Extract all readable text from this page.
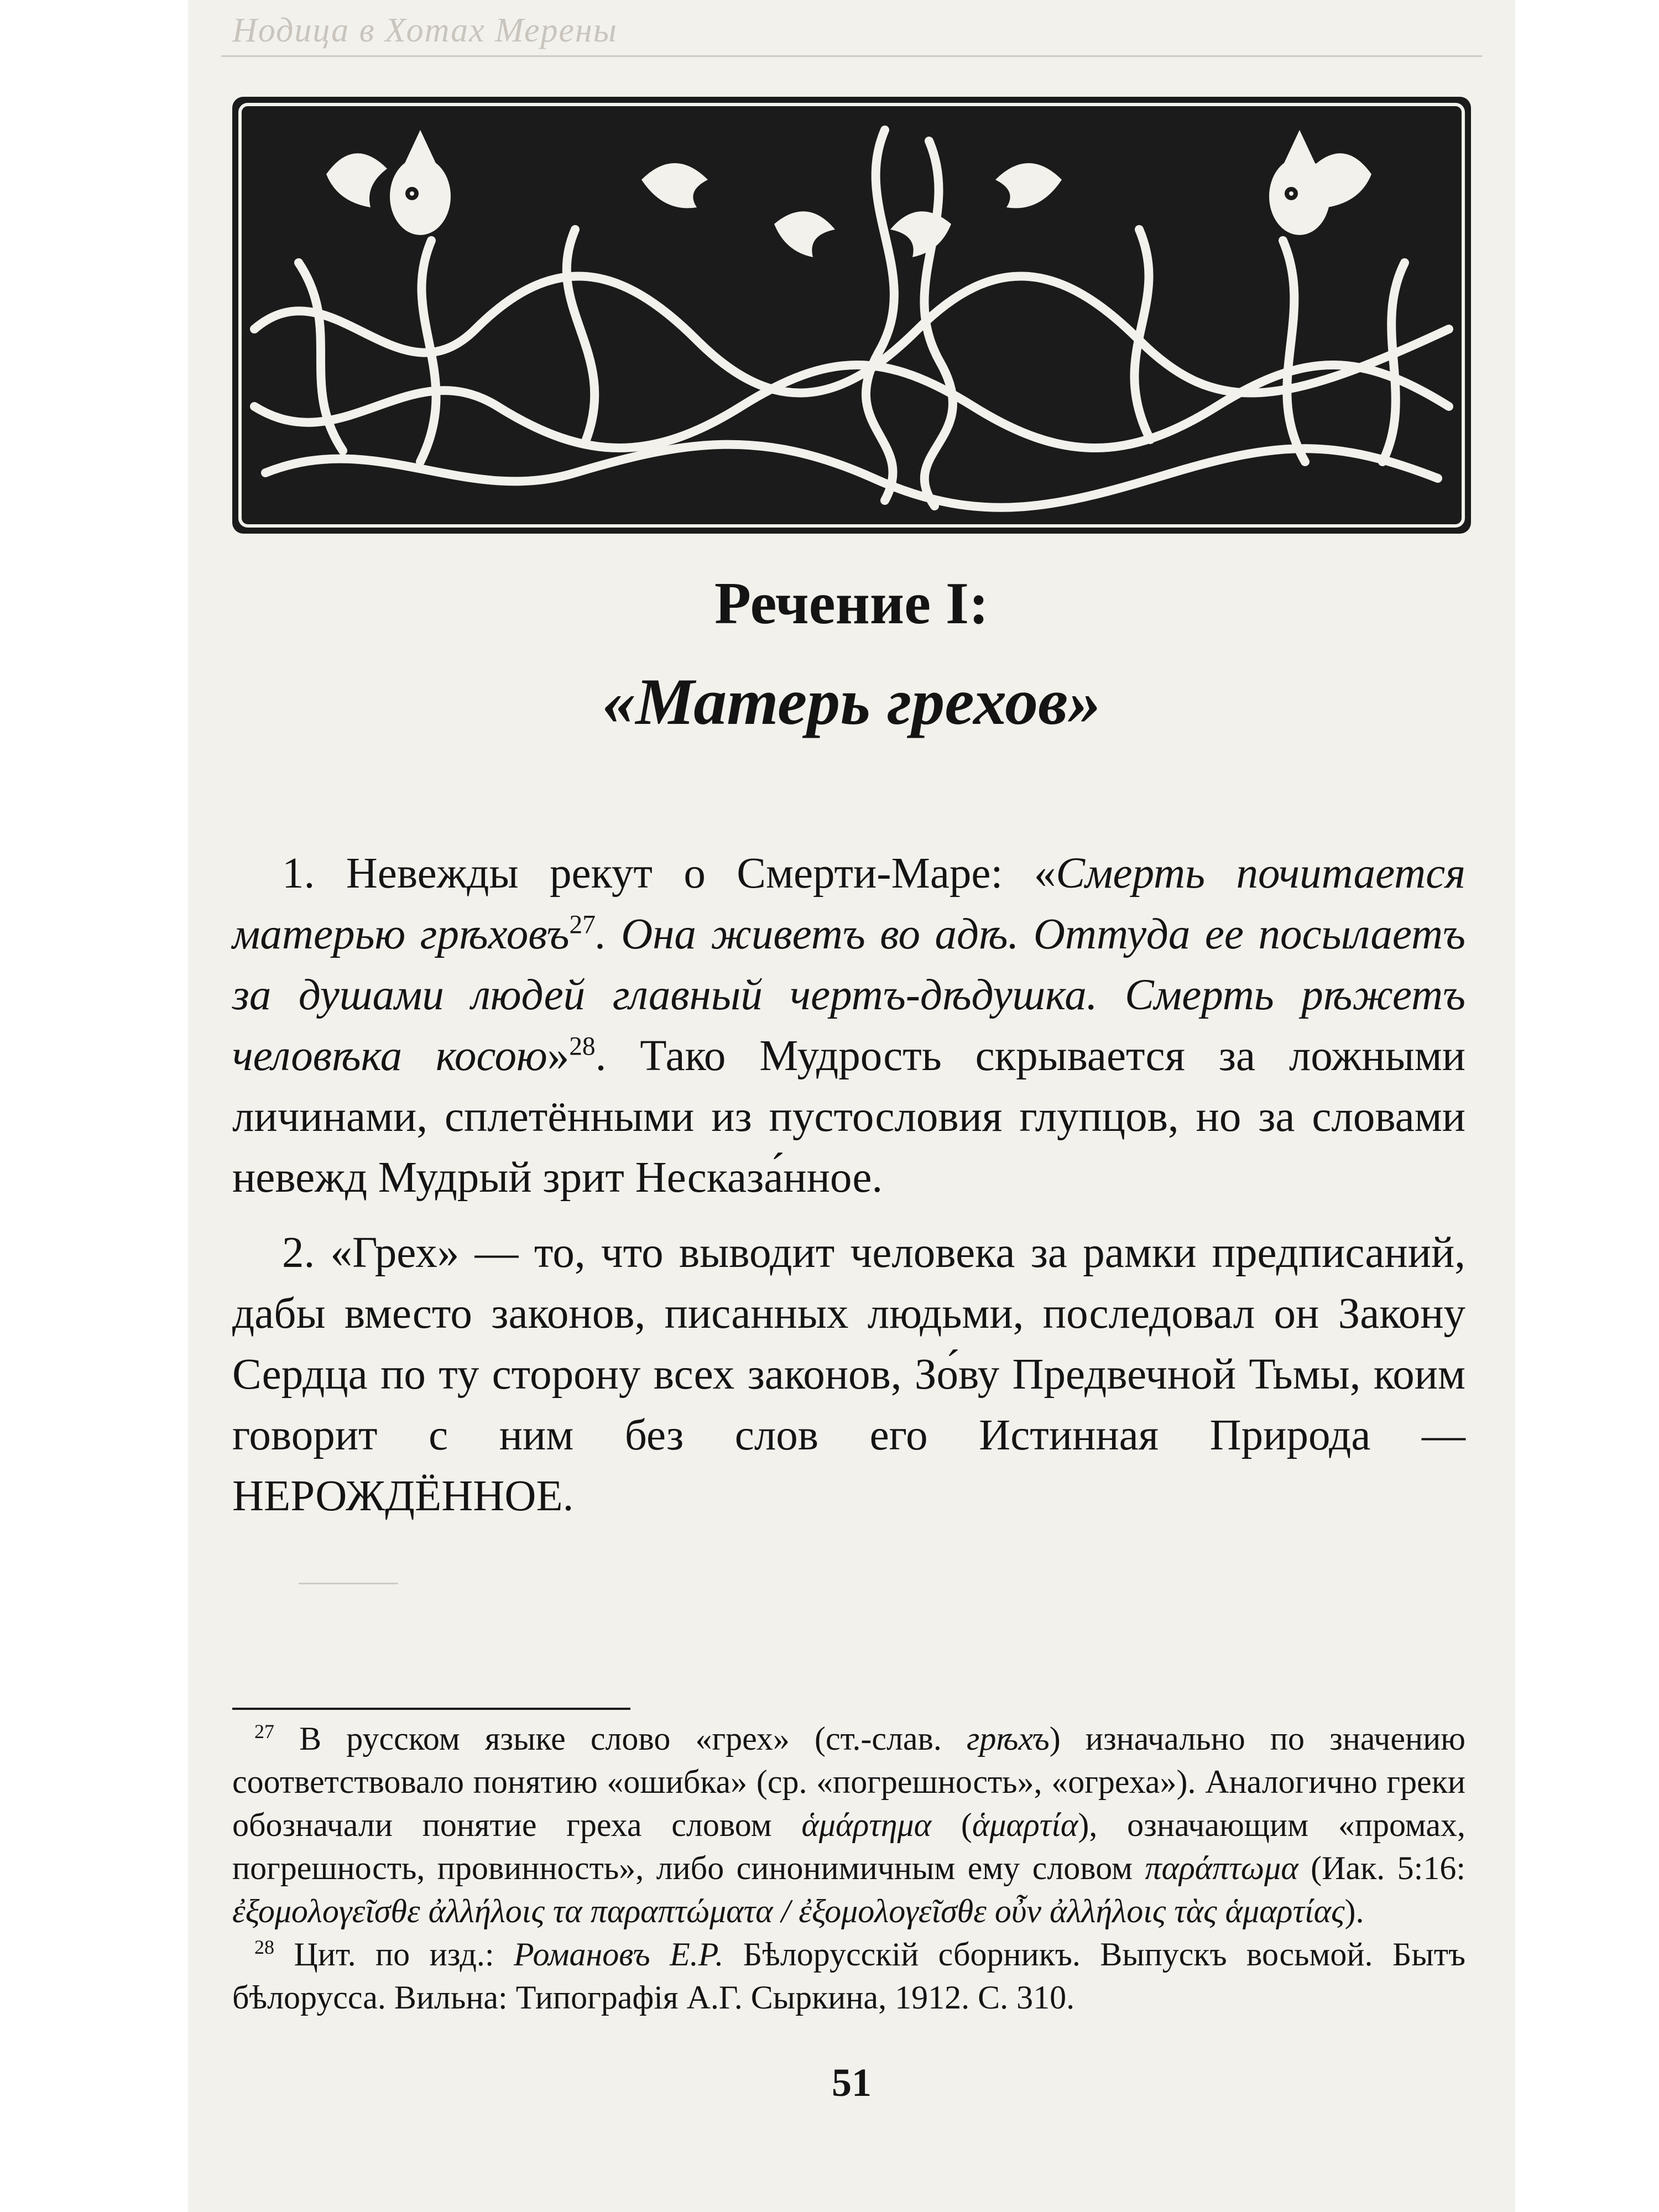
Нодица в Хотах Мерены
Речение I:
«Матерь грехов»

1. Невежды рекут о Смерти-Маре: «Смерть почитается матерью грѣховъ$^{27}$. Она живетъ во адѣ. Оттуда ее посылаетъ за душами людей главный чертъ-дѣдушка. Смерть рѣжетъ человѣка косою»$^{28}$. Тако Мудрость скрывается за ложными личинами, сплетёнными из пустословия глупцов, но за словами невежд Мудрый зрит Несказа́нное.

2. «Грех» — то, что выводит человека за рамки предписаний, дабы вместо законов, писанных людьми, последовал он Закону Сердца по ту сторону всех законов, Зо́ву Предвечной Тьмы, коим говорит с ним без слов его Истинная Природа — НЕРОЖДЁННОЕ.

$^{27}$ В русском языке слово «грех» (ст.-слав. грѣхъ) изначально по значению соответствовало понятию «ошибка» (ср. «погрешность», «огреха»). Аналогично греки обозначали понятие греха словом ἁμάρτημα (ἁμαρτία), означающим «промах, погрешность, провинность», либо синонимичным ему словом παράπτωμα (Иак. 5:16: ἐξομολογεῖσθε ἀλλήλοις τα παραπτώματα / ἐξομολογεῖσθε οὖν ἀλλήλοις τὰς ἁμαρτίας).

$^{28}$ Цит. по изд.: Романовъ Е.Р. Бѣлорусскій сборникъ. Выпускъ восьмой. Бытъ бѣлорусса. Вильна: Типографія А.Г. Сыркина, 1912. С. 310.

51
